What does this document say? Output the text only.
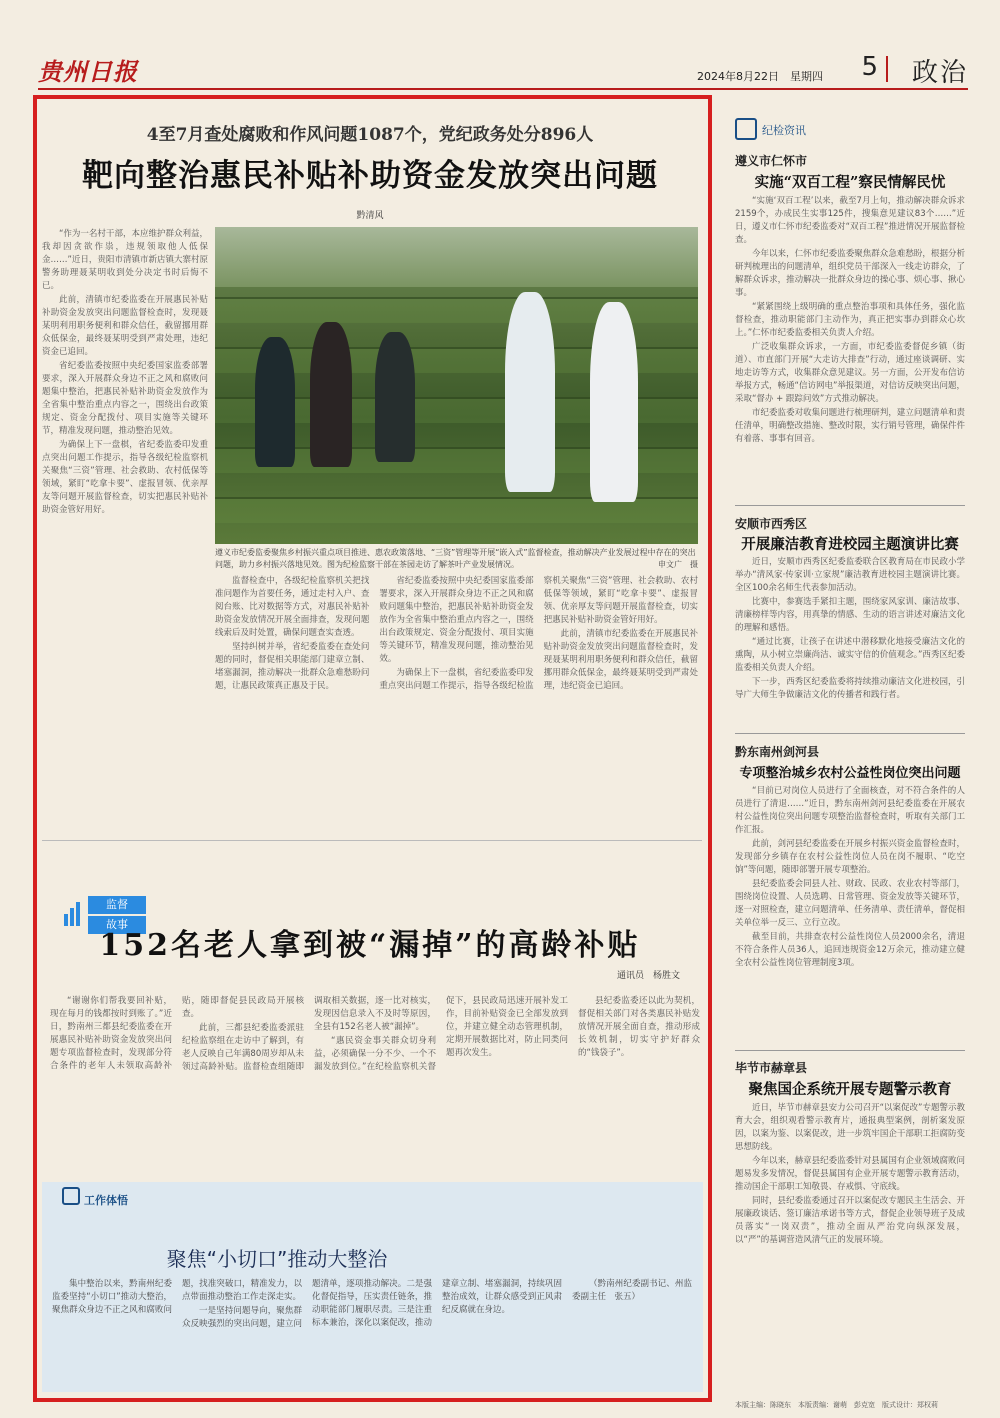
贵州日报	2024年8月22日　星期四 5 政治
4至7月查处腐败和作风问题1087个，党纪政务处分896人
靶向整治惠民补贴补助资金发放突出问题
黔清风

“作为一名村干部，本应维护群众利益，我却因贪欲作祟，违规领取他人低保金……”近日，贵阳市清镇市新店镇大寨村原警务助理聂某明收到处分决定书时后悔不已。

此前，清镇市纪委监委在开展惠民补贴补助资金发放突出问题监督检查时，发现聂某明利用职务便利和群众信任，截留挪用群众低保金，最终聂某明受到严肃处理，违纪资金已追回。

省纪委监委按照中央纪委国家监委部署要求，深入开展群众身边不正之风和腐败问题集中整治，把惠民补贴补助资金发放作为全省集中整治重点内容之一，围绕出台政策规定、资金分配拨付、项目实施等关键环节，精准发现问题，推动整治见效。

为确保上下一盘棋，省纪委监委印发重点突出问题工作提示，指导各级纪检监察机关聚焦“三资”管理、社会救助、农村低保等领域，紧盯“吃拿卡要”、虚报冒领、优亲厚友等问题开展监督检查，切实把惠民补贴补助资金管好用好。

遵义市纪委监委聚焦乡村振兴重点项目推进、惠农政策落地、“三资”管理等开展“嵌入式”监督检查，推动解决产业发展过程中存在的突出问题，助力乡村振兴落地见效。图为纪检监察干部在茶园走访了解茶叶产业发展情况。	申文广　摄

监督检查中，各级纪检监察机关把找准问题作为首要任务，通过走村入户、查阅台账、比对数据等方式，对惠民补贴补助资金发放情况开展全面排查，发现问题线索后及时处置，确保问题查实查透。

坚持纠树并举，省纪委监委在查处问题的同时，督促相关职能部门建章立制、堵塞漏洞，推动解决一批群众急难愁盼问题，让惠民政策真正惠及于民。

省纪委监委按照中央纪委国家监委部署要求，深入开展群众身边不正之风和腐败问题集中整治，把惠民补贴补助资金发放作为全省集中整治重点内容之一，围绕出台政策规定、资金分配拨付、项目实施等关键环节，精准发现问题，推动整治见效。

为确保上下一盘棋，省纪委监委印发重点突出问题工作提示，指导各级纪检监察机关聚焦“三资”管理、社会救助、农村低保等领域，紧盯“吃拿卡要”、虚报冒领、优亲厚友等问题开展监督检查，切实把惠民补贴补助资金管好用好。

此前，清镇市纪委监委在开展惠民补贴补助资金发放突出问题监督检查时，发现聂某明利用职务便利和群众信任，截留挪用群众低保金，最终聂某明受到严肃处理，违纪资金已追回。

监督
故事
152名老人拿到被“漏掉”的高龄补贴
通讯员　杨胜文

“谢谢你们帮我要回补贴，现在每月的钱都按时到账了。”近日，黔南州三都县纪委监委在开展惠民补贴补助资金发放突出问题专项监督检查时，发现部分符合条件的老年人未领取高龄补贴，随即督促县民政局开展核查。

此前，三都县纪委监委派驻纪检监察组在走访中了解到，有老人反映自己年满80周岁却从未领过高龄补贴。监督检查组随即调取相关数据，逐一比对核实，发现因信息录入不及时等原因，全县有152名老人被“漏掉”。

“惠民资金事关群众切身利益，必须确保一分不少、一个不漏发放到位。”在纪检监察机关督促下，县民政局迅速开展补发工作，目前补贴资金已全部发放到位，并建立健全动态管理机制，定期开展数据比对，防止同类问题再次发生。

县纪委监委还以此为契机，督促相关部门对各类惠民补贴发放情况开展全面自查，推动形成长效机制，切实守护好群众的“钱袋子”。

工作体悟
聚焦“小切口”推动大整治

集中整治以来，黔南州纪委监委坚持“小切口”推动大整治，聚焦群众身边不正之风和腐败问题，找准突破口，精准发力，以点带面推动整治工作走深走实。

一是坚持问题导向，聚焦群众反映强烈的突出问题，建立问题清单，逐项推动解决。二是强化督促指导，压实责任链条，推动职能部门履职尽责。三是注重标本兼治，深化以案促改，推动建章立制、堵塞漏洞，持续巩固整治成效，让群众感受到正风肃纪反腐就在身边。

（黔南州纪委副书记、州监委副主任　张五）

纪检资讯
遵义市仁怀市
实施“双百工程”察民情解民忧

“实施‘双百工程’以来，截至7月上旬，推动解决群众诉求2159个，办成民生实事125件，搜集意见建议83个……”近日，遵义市仁怀市纪委监委对“双百工程”推进情况开展监督检查。

今年以来，仁怀市纪委监委聚焦群众急难愁盼，根据分析研判梳理出的问题清单，组织党员干部深入一线走访群众，了解群众诉求，推动解决一批群众身边的操心事、烦心事、揪心事。

“紧紧围绕上级明确的重点整治事项和具体任务，强化监督检查，推动职能部门主动作为，真正把实事办到群众心坎上。”仁怀市纪委监委相关负责人介绍。

广泛收集群众诉求，一方面，市纪委监委督促乡镇（街道）、市直部门开展“大走访大排查”行动，通过座谈调研、实地走访等方式，收集群众意见建议。另一方面，公开发布信访举报方式，畅通“信访网电”举报渠道，对信访反映突出问题，采取“督办 + 跟踪问效”方式推动解决。

市纪委监委对收集问题进行梳理研判，建立问题清单和责任清单，明确整改措施、整改时限，实行销号管理，确保件件有着落、事事有回音。

安顺市西秀区
开展廉洁教育进校园主题演讲比赛

近日，安顺市西秀区纪委监委联合区教育局在市民政小学举办“清风家·传家训·立家规”廉洁教育进校园主题演讲比赛。全区100余名师生代表参加活动。

比赛中，参赛选手紧扣主题，围绕家风家训、廉洁故事、清廉榜样等内容，用真挚的情感、生动的语言讲述对廉洁文化的理解和感悟。

“通过比赛，让孩子在讲述中潜移默化地接受廉洁文化的熏陶，从小树立崇廉尚洁、诚实守信的价值观念。”西秀区纪委监委相关负责人介绍。

下一步，西秀区纪委监委将持续推动廉洁文化进校园，引导广大师生争做廉洁文化的传播者和践行者。

黔东南州剑河县
专项整治城乡农村公益性岗位突出问题

“目前已对岗位人员进行了全面核查，对不符合条件的人员进行了清退……”近日，黔东南州剑河县纪委监委在开展农村公益性岗位突出问题专项整治监督检查时，听取有关部门工作汇报。

此前，剑河县纪委监委在开展乡村振兴资金监督检查时，发现部分乡镇存在农村公益性岗位人员在岗不履职、“吃空饷”等问题，随即部署开展专项整治。

县纪委监委会同县人社、财政、民政、农业农村等部门，围绕岗位设置、人员选聘、日常管理、资金发放等关键环节，逐一对照检查，建立问题清单、任务清单、责任清单，督促相关单位举一反三、立行立改。

截至目前，共排查农村公益性岗位人员2000余名，清退不符合条件人员36人，追回违规资金12万余元，推动建立健全农村公益性岗位管理制度3项。

毕节市赫章县
聚焦国企系统开展专题警示教育

近日，毕节市赫章县安力公司召开“以案促改”专题警示教育大会，组织观看警示教育片，通报典型案例，剖析案发原因，以案为鉴、以案促改，进一步筑牢国企干部职工拒腐防变思想防线。

今年以来，赫章县纪委监委针对县属国有企业领域腐败问题易发多发情况，督促县属国有企业开展专题警示教育活动，推动国企干部职工知敬畏、存戒惧、守底线。

同时，县纪委监委通过召开以案促改专题民主生活会、开展廉政谈话、签订廉洁承诺书等方式，督促企业领导班子及成员落实“一岗双责”，推动全面从严治党向纵深发展，以“严”的基调营造风清气正的发展环境。

本版主编：陈晓东　本版责编：谢萌　彭克宽　版式设计：郑权莉
